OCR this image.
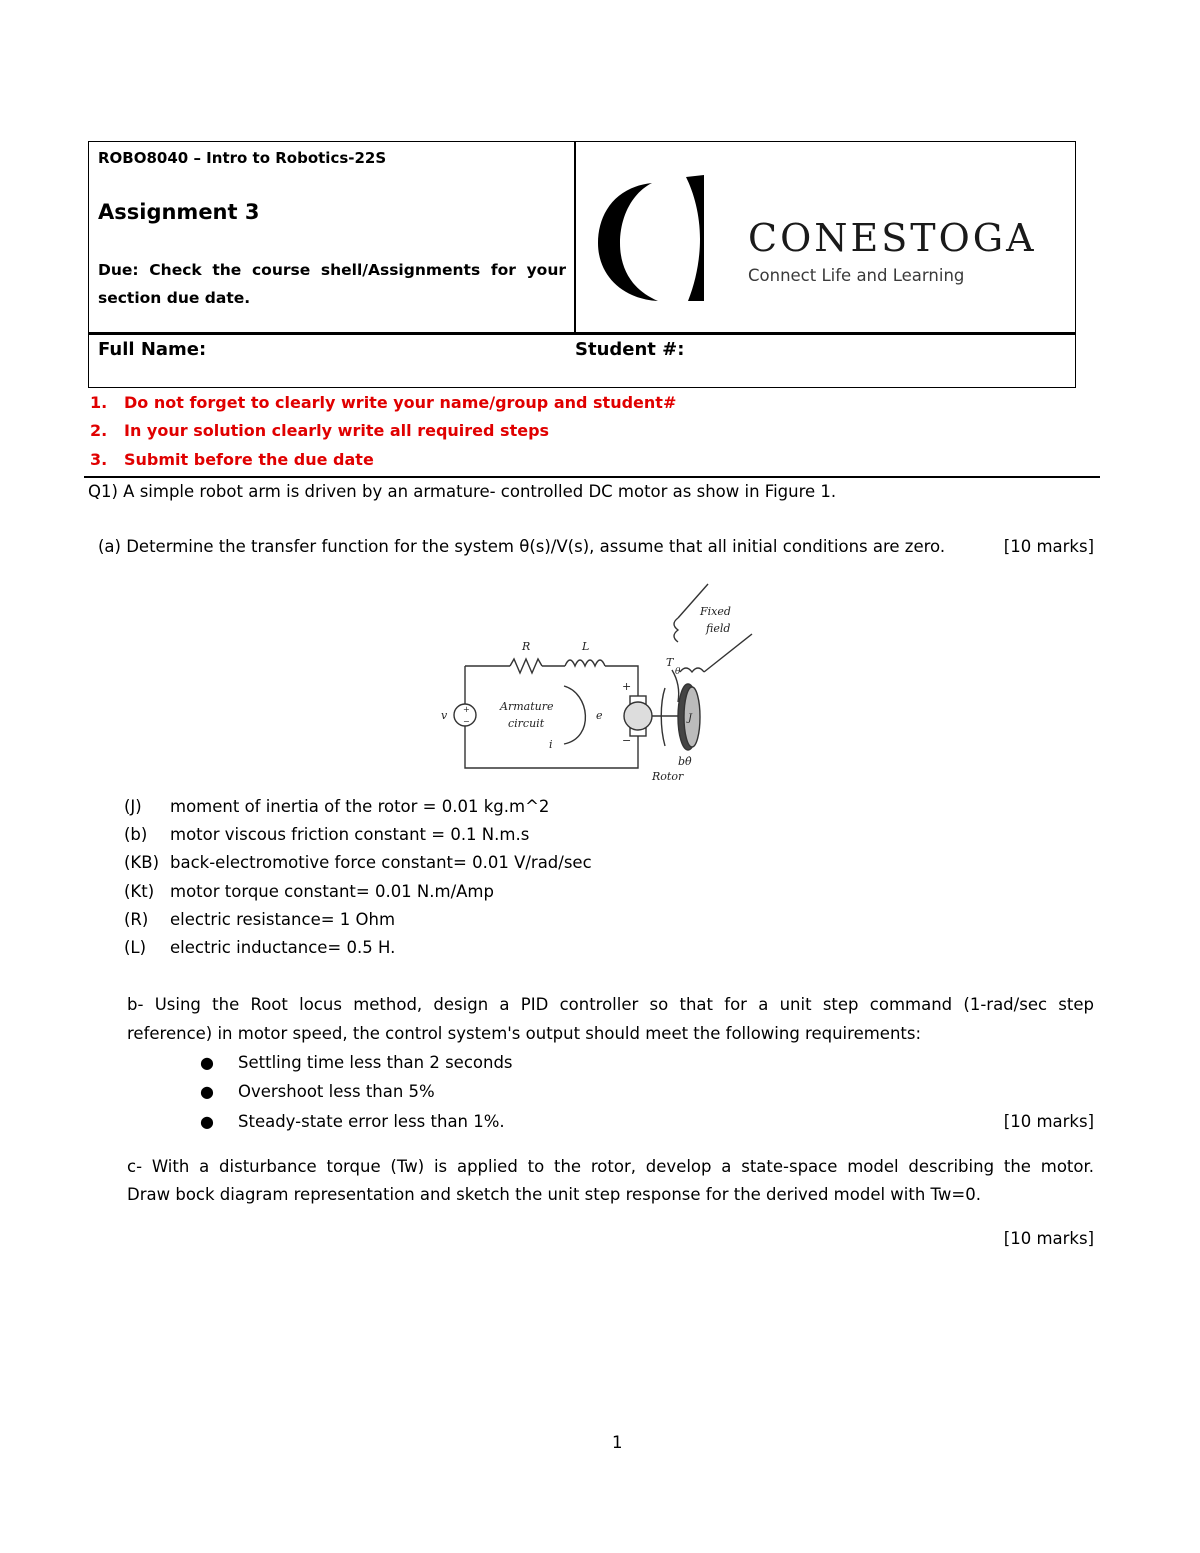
ROBO8040 – Intro to Robotics-22S
Assignment 3
Due: Check the course shell/Assignments for your section due date.
CONESTOGA
Connect Life and Learning
Full Name:	Student #:
1. Do not forget to clearly write your name/group and student#
2. In your solution clearly write all required steps
3. Submit before the due date
Q1) A simple robot arm is driven by an armature- controlled DC motor as show in Figure 1.
(a) Determine the transfer function for the system θ(s)/V(s), assume that all initial conditions are zero.	[10 marks]
R	L
v	e
i
Armature
circuit
Fixed
field
T
θ
J
bθ̇
Rotor
+
−
+
−
(J) moment of inertia of the rotor = 0.01 kg.m^2
(b) motor viscous friction constant = 0.1 N.m.s
(KB) back-electromotive force constant= 0.01 V/rad/sec
(Kt) motor torque constant= 0.01 N.m/Amp
(R) electric resistance= 1 Ohm
(L) electric inductance= 0.5 H.
b- Using the Root locus method, design a PID controller so that for a unit step command (1-rad/sec step
reference) in motor speed, the control system's output should meet the following requirements:
● Settling time less than 2 seconds
● Overshoot less than 5%
● Steady-state error less than 1%.	[10 marks]
c- With a disturbance torque (Tw) is applied to the rotor, develop a state-space model describing the motor.
Draw bock diagram representation and sketch the unit step response for the derived model with Tw=0.
[10 marks]
1
